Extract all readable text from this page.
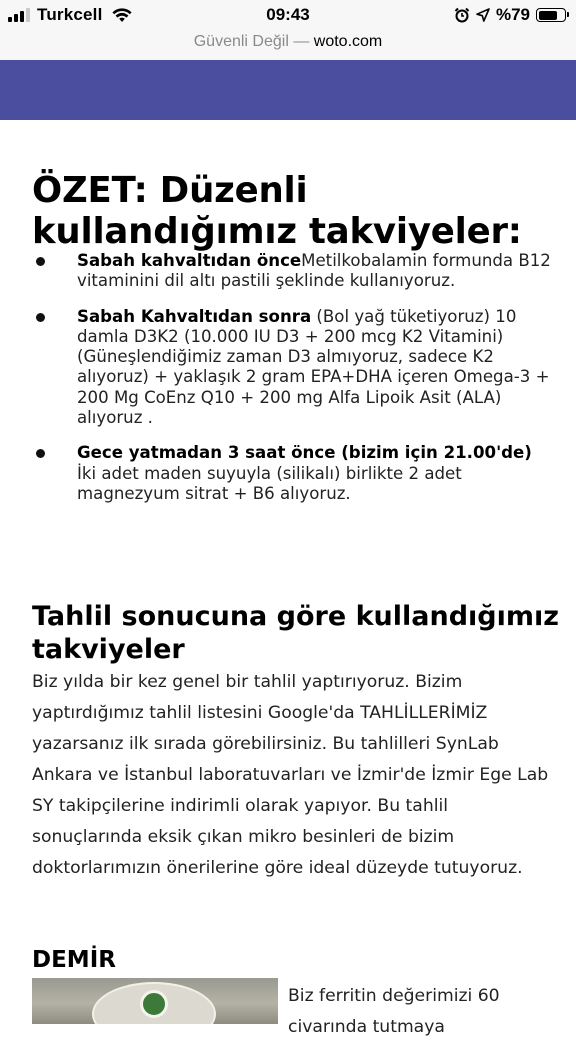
Turkcell	09:43	%79
Güvenli Değil — woto.com
ÖZET: Düzenli kullandığımız takviyeler:
Sabah kahvaltıdan önceMetilkobalamin formunda B12 vitaminini dil altı pastili şeklinde kullanıyoruz.
Sabah Kahvaltıdan sonra (Bol yağ tüketiyoruz) 10 damla D3K2 (10.000 IU D3 + 200 mcg K2 Vitamini) (Güneşlendiğimiz zaman D3 almıyoruz, sadece K2 alıyoruz) + yaklaşık 2 gram EPA+DHA içeren Omega-3 + 200 Mg CoEnz Q10 + 200 mg Alfa Lipoik Asit (ALA) alıyoruz .
Gece yatmadan 3 saat önce (bizim için 21.00'de) İki adet maden suyuyla (silikalı) birlikte 2 adet magnezyum sitrat + B6 alıyoruz.
Tahlil sonucuna göre kullandığımız takviyeler

Biz yılda bir kez genel bir tahlil yaptırıyoruz. Bizim yaptırdığımız tahlil listesini Google'da TAHLİLLERİMİZ yazarsanız ilk sırada görebilirsiniz. Bu tahlilleri SynLab Ankara ve İstanbul laboratuvarları ve İzmir'de İzmir Ege Lab SY takipçilerine indirimli olarak yapıyor. Bu tahlil sonuçlarında eksik çıkan mikro besinleri de bizim doktorlarımızın önerilerine göre ideal düzeyde tutuyoruz.

DEMİR

Biz ferritin değerimizi 60 civarında tutmaya
